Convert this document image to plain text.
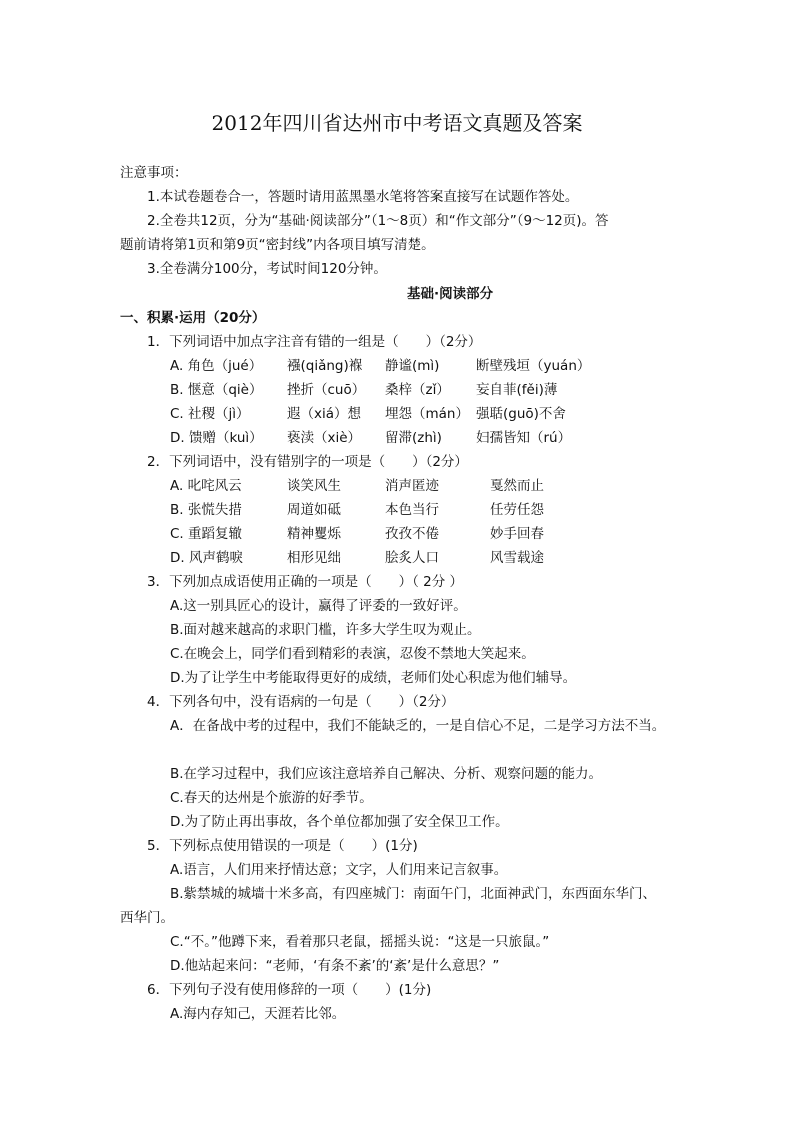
2012年四川省达州市中考语文真题及答案
注意事项：
1.本试卷题卷合一，答题时请用蓝黑墨水笔将答案直接写在试题作答处。
2.全卷共12页，分为“基础·阅读部分”（1～8页）和“作文部分”（9～12页)。答
题前请将第1页和第9页“密封线”内各项目填写清楚。
3.全卷满分100分，考试时间120分钟。
基础·阅读部分
一、积累·运用（20分）
1．下列词语中加点字注音有错的一组是（　　）（2分）
A. 角色（jué） 襁(qiǎng)褓 静谧(mì)	断壁残垣（yuán）
B. 惬意（qiè） 挫折（cuō） 桑梓（zǐ） 妄自菲(fěi)薄
C. 社稷（jì）	遐（xiá）想 埋怨（mán） 强聒(guō)不舍
D. 馈赠（kuì） 亵渎（xiè） 留滞(zhì)	妇孺皆知（rú）
2．下列词语中，没有错别字的一项是（　　）（2分）
A. 叱咤风云	谈笑风生	消声匿迹	戛然而止
B. 张慌失措	周道如砥	本色当行	任劳任怨
C. 重蹈复辙	精神矍烁	孜孜不倦	妙手回春
D. 风声鹤唳	相形见绌	脍炙人口	风雪载途
3．下列加点成语使用正确的一项是（　　）（ 2分 ）
A.这一别具匠心的设计，赢得了评委的一致好评。
B.面对越来越高的求职门槛，许多大学生叹为观止。
C.在晚会上，同学们看到精彩的表演，忍俊不禁地大笑起来。
D.为了让学生中考能取得更好的成绩，老师们处心积虑为他们辅导。
4．下列各句中，没有语病的一句是（　　）（2分）
A．在备战中考的过程中，我们不能缺乏的，一是自信心不足，二是学习方法不当。
B.在学习过程中，我们应该注意培养自己解决、分析、观察问题的能力。
C.春天的达州是个旅游的好季节。
D.为了防止再出事故，各个单位都加强了安全保卫工作。
5．下列标点使用错误的一项是（　　）(1分)
A.语言，人们用来抒情达意；文字，人们用来记言叙事。
B.紫禁城的城墙十米多高，有四座城门：南面午门，北面神武门，东西面东华门、
西华门。
C.“不。”他蹲下来，看着那只老鼠，摇摇头说：“这是一只旅鼠。”
D.他站起来问：“老师，‘有条不紊’的‘紊’是什么意思？”
6．下列句子没有使用修辞的一项（　　）(1分)
A.海内存知己，天涯若比邻。
